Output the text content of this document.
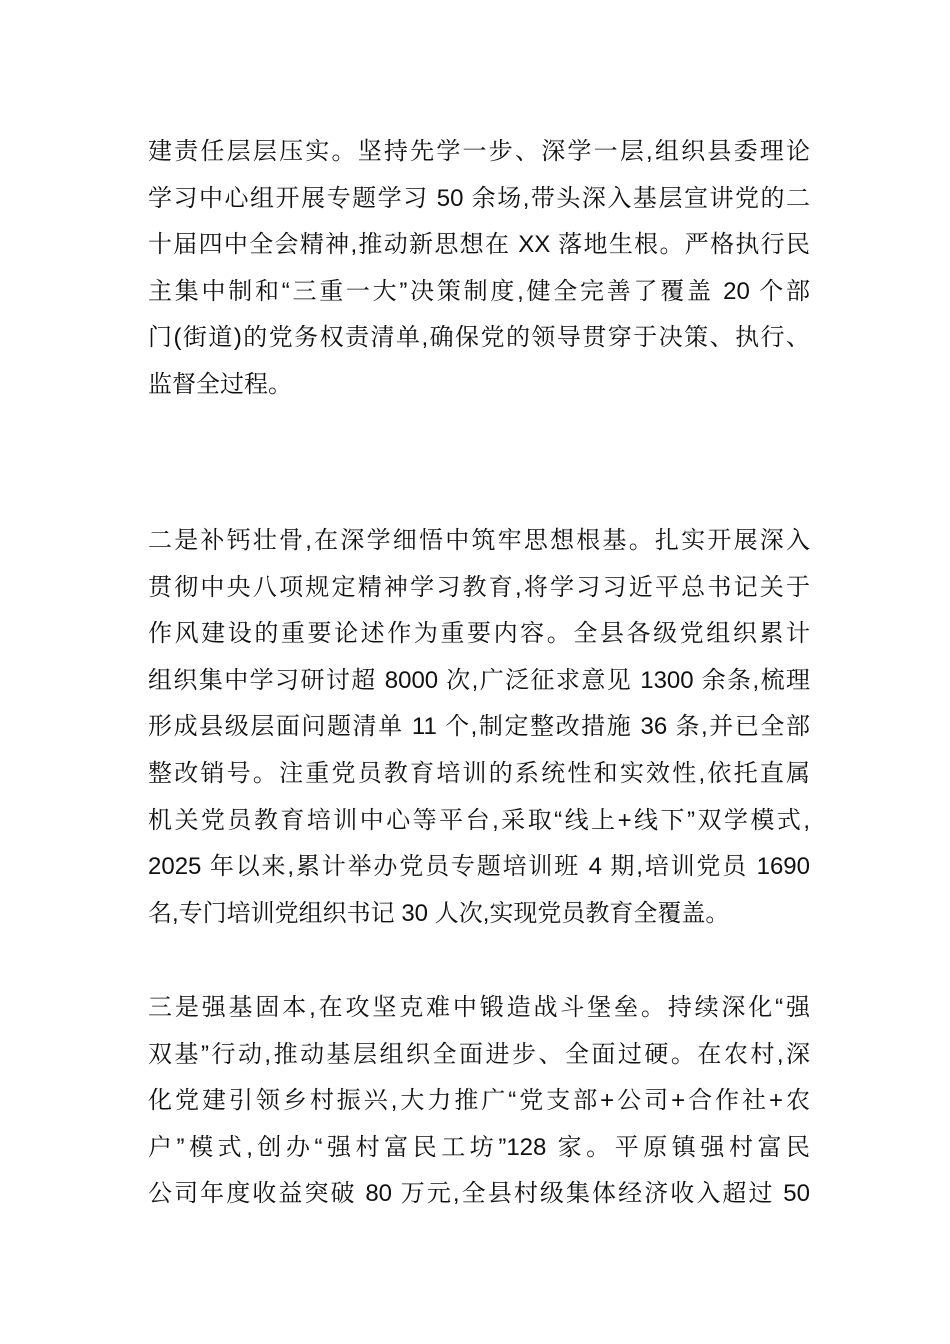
建责任层层压实。坚持先学一步、深学一层,组织县委理论
学习中心组开展专题学习 50 余场,带头深入基层宣讲党的二
十届四中全会精神,推动新思想在 XX 落地生根。严格执行民
主集中制和“三重一大”决策制度,健全完善了覆盖 20 个部
门(街道)的党务权责清单,确保党的领导贯穿于决策、执行、
监督全过程。
二是补钙壮骨,在深学细悟中筑牢思想根基。扎实开展深入
贯彻中央八项规定精神学习教育,将学习习近平总书记关于
作风建设的重要论述作为重要内容。全县各级党组织累计
组织集中学习研讨超 8000 次,广泛征求意见 1300 余条,梳理
形成县级层面问题清单 11 个,制定整改措施 36 条,并已全部
整改销号。注重党员教育培训的系统性和实效性,依托直属
机关党员教育培训中心等平台,采取“线上+线下”双学模式,
2025 年以来,累计举办党员专题培训班 4 期,培训党员 1690
名,专门培训党组织书记 30 人次,实现党员教育全覆盖。
三是强基固本,在攻坚克难中锻造战斗堡垒。持续深化“强
双基”行动,推动基层组织全面进步、全面过硬。在农村,深
化党建引领乡村振兴,大力推广“党支部+公司+合作社+农
户”模式,创办“强村富民工坊”128 家。平原镇强村富民
公司年度收益突破 80 万元,全县村级集体经济收入超过 50
